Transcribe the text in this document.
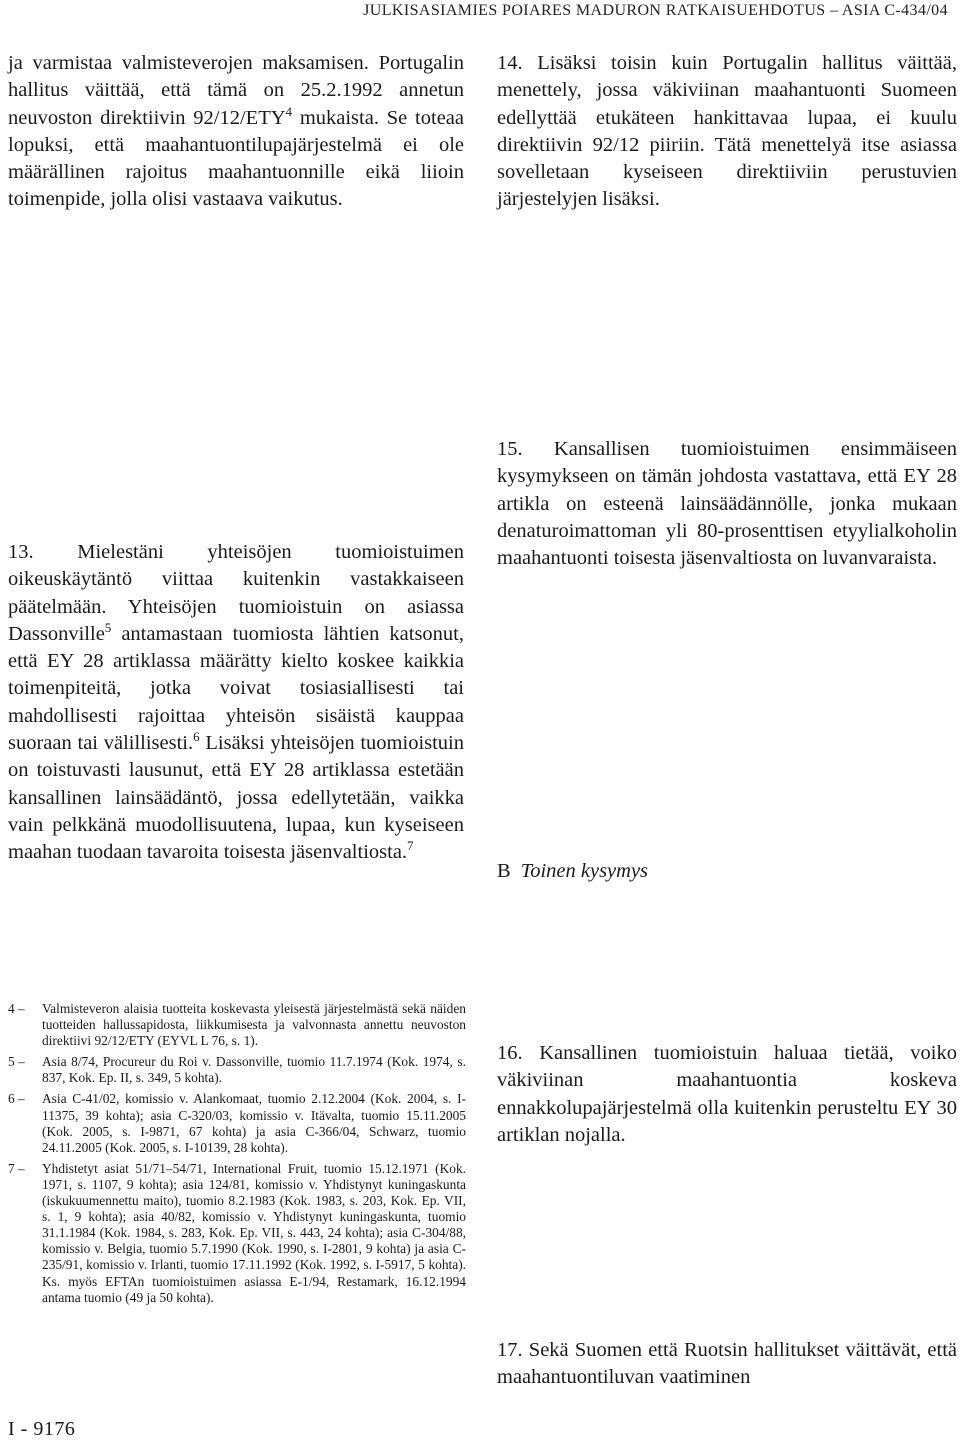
JULKISASIAMIES POIARES MADURON RATKAISUEHDOTUS – ASIA C-434/04

ja varmistaa valmisteverojen maksamisen. Portugalin hallitus väittää, että tämä on 25.2.1992 annetun neuvoston direktiivin 92/12/ETY$^4$ mukaista. Se toteaa lopuksi, että maahantuontilupajärjestelmä ei ole määrällinen rajoitus maahantuonnille eikä liioin toimenpide, jolla olisi vastaava vaikutus.

13. Mielestäni yhteisöjen tuomioistuimen oikeuskäytäntö viittaa kuitenkin vastakkaiseen päätelmään. Yhteisöjen tuomioistuin on asiassa Dassonville$^5$ antamastaan tuomiosta lähtien katsonut, että EY 28 artiklassa määrätty kielto koskee kaikkia toimenpiteitä, jotka voivat tosiasiallisesti tai mahdollisesti rajoittaa yhteisön sisäistä kauppaa suoraan tai välillisesti.$^6$ Lisäksi yhteisöjen tuomioistuin on toistuvasti lausunut, että EY 28 artiklassa estetään kansallinen lainsäädäntö, jossa edellytetään, vaikka vain pelkkänä muodollisuutena, lupaa, kun kyseiseen maahan tuodaan tavaroita toisesta jäsenvaltiosta.$^7$

14. Lisäksi toisin kuin Portugalin hallitus väittää, menettely, jossa väkiviinan maahantuonti Suomeen edellyttää etukäteen hankittavaa lupaa, ei kuulu direktiivin 92/12 piiriin. Tätä menettelyä itse asiassa sovelletaan kyseiseen direktiiviin perustuvien järjestelyjen lisäksi.

15. Kansallisen tuomioistuimen ensimmäiseen kysymykseen on tämän johdosta vastattava, että EY 28 artikla on esteenä lainsäädännölle, jonka mukaan denaturoimattoman yli 80-prosenttisen etyylialkoholin maahantuonti toisesta jäsenvaltiosta on luvanvaraista.

B Toinen kysymys

16. Kansallinen tuomioistuin haluaa tietää, voiko väkiviinan maahantuontia koskeva ennakkolupajärjestelmä olla kuitenkin perusteltu EY 30 artiklan nojalla.

17. Sekä Suomen että Ruotsin hallitukset väittävät, että maahantuontiluvan vaatiminen

4 –	Valmisteveron alaisia tuotteita koskevasta yleisestä järjestelmästä sekä näiden tuotteiden hallussapidosta, liikkumisesta ja valvonnasta annettu neuvoston direktiivi 92/12/ETY (EYVL L 76, s. 1).
5 –	Asia 8/74, Procureur du Roi v. Dassonville, tuomio 11.7.1974 (Kok. 1974, s. 837, Kok. Ep. II, s. 349, 5 kohta).
6 –	Asia C-41/02, komissio v. Alankomaat, tuomio 2.12.2004 (Kok. 2004, s. I-11375, 39 kohta); asia C-320/03, komissio v. Itävalta, tuomio 15.11.2005 (Kok. 2005, s. I-9871, 67 kohta) ja asia C-366/04, Schwarz, tuomio 24.11.2005 (Kok. 2005, s. I-10139, 28 kohta).
7 –	Yhdistetyt asiat 51/71–54/71, International Fruit, tuomio 15.12.1971 (Kok. 1971, s. 1107, 9 kohta); asia 124/81, komissio v. Yhdistynyt kuningaskunta (iskukuumennettu maito), tuomio 8.2.1983 (Kok. 1983, s. 203, Kok. Ep. VII, s. 1, 9 kohta); asia 40/82, komissio v. Yhdistynyt kuningaskunta, tuomio 31.1.1984 (Kok. 1984, s. 283, Kok. Ep. VII, s. 443, 24 kohta); asia C-304/88, komissio v. Belgia, tuomio 5.7.1990 (Kok. 1990, s. I-2801, 9 kohta) ja asia C-235/91, komissio v. Irlanti, tuomio 17.11.1992 (Kok. 1992, s. I-5917, 5 kohta). Ks. myös EFTAn tuomioistuimen asiassa E-1/94, Restamark, 16.12.1994 antama tuomio (49 ja 50 kohta).
I - 9176
